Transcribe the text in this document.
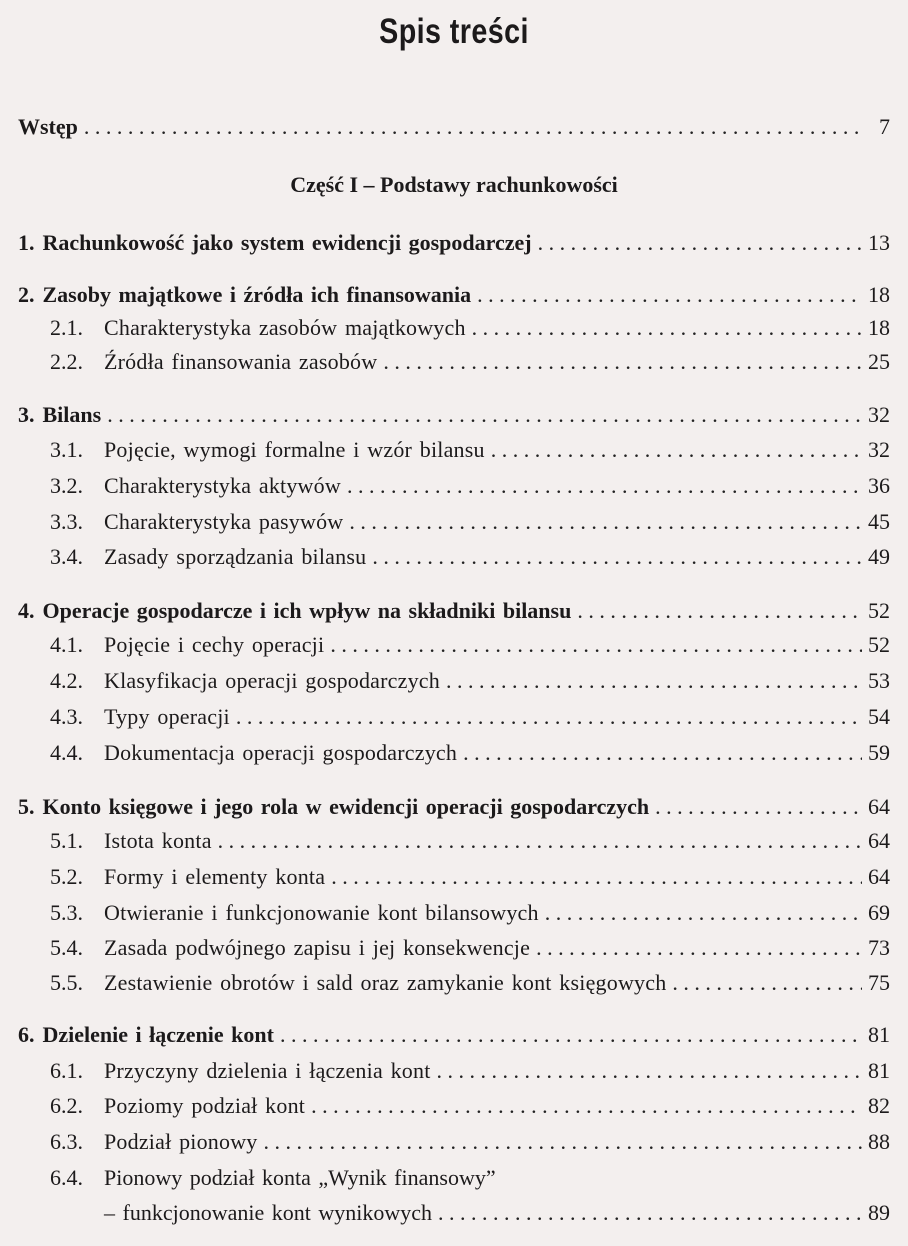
Spis treści
Wstęp . . .	7
Część I – Podstawy rachunkowości
1. Rachunkowość jako system ewidencji gospodarczej . . .	13
2. Zasoby majątkowe i źródła ich finansowania . . .	18
2.1. Charakterystyka zasobów majątkowych . . .	18
2.2. Źródła finansowania zasobów . . .	25
3. Bilans . . .	32
3.1. Pojęcie, wymogi formalne i wzór bilansu . . .	32
3.2. Charakterystyka aktywów . . .	36
3.3. Charakterystyka pasywów . . .	45
3.4. Zasady sporządzania bilansu . . .	49
4. Operacje gospodarcze i ich wpływ na składniki bilansu . . .	52
4.1. Pojęcie i cechy operacji . . .	52
4.2. Klasyfikacja operacji gospodarczych . . .	53
4.3. Typy operacji . . .	54
4.4. Dokumentacja operacji gospodarczych . . .	59
5. Konto księgowe i jego rola w ewidencji operacji gospodarczych . . .	64
5.1. Istota konta . . .	64
5.2. Formy i elementy konta . . .	64
5.3. Otwieranie i funkcjonowanie kont bilansowych . . .	69
5.4. Zasada podwójnego zapisu i jej konsekwencje . . .	73
5.5. Zestawienie obrotów i sald oraz zamykanie kont księgowych . . .	75
6. Dzielenie i łączenie kont . . .	81
6.1. Przyczyny dzielenia i łączenia kont . . .	81
6.2. Poziomy podział kont . . .	82
6.3. Podział pionowy . . .	88
6.4. Pionowy podział konta „Wynik finansowy”
– funkcjonowanie kont wynikowych . . .	89
